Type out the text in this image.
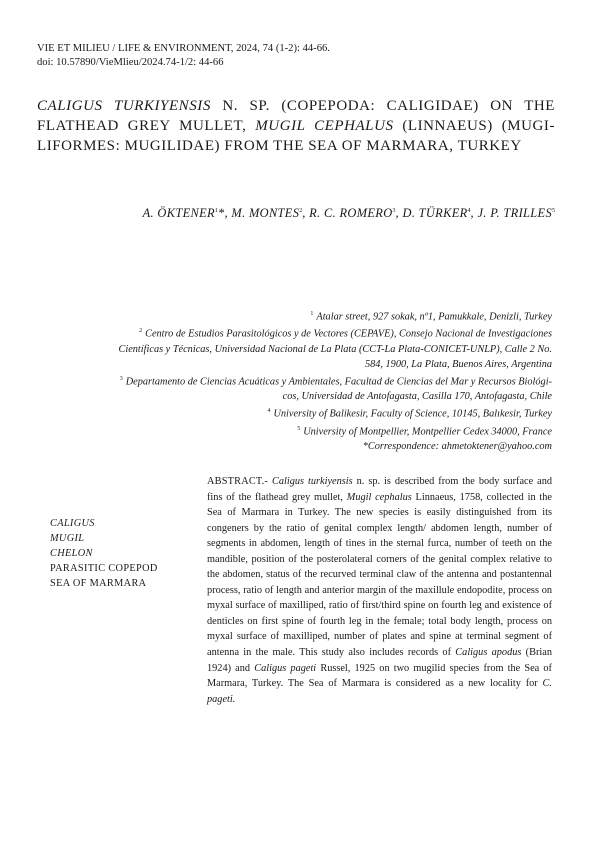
VIE ET MILIEU / LIFE & ENVIRONMENT, 2024, 74 (1-2): 44-66.
doi: 10.57890/VieMlieu/2024.74-1/2: 44-66
CALIGUS TURKIYENSIS N. SP. (COPEPODA: CALIGIDAE) ON THE FLATHEAD GREY MULLET, MUGIL CEPHALUS (LINNAEUS) (MUGI-LIFORMES: MUGILIDAE) FROM THE SEA OF MARMARA, TURKEY
A. ÖKTENER$^1$*, M. MONTES$^2$, R. C. ROMERO$^3$, D. TÜRKER$^4$, J. P. TRILLES$^5$
$^1$ Atalar street, 927 sokak, nº1, Pamukkale, Denizli, Turkey
$^2$ Centro de Estudios Parasitológicos y de Vectores (CEPAVE), Consejo Nacional de Investigaciones
Científicas y Técnicas, Universidad Nacional de La Plata (CCT-La Plata-CONICET-UNLP), Calle 2 No.
584, 1900, La Plata, Buenos Aires, Argentina
$^3$ Departamento de Ciencias Acuáticas y Ambientales, Facultad de Ciencias del Mar y Recursos Biológi-
cos, Universidad de Antofagasta, Casilla 170, Antofagasta, Chile
$^4$ University of Balikesir, Faculty of Science, 10145, Balıkesir, Turkey
$^5$ University of Montpellier, Montpellier Cedex 34000, France
*Correspondence: ahmetoktener@yahoo.com
CALIGUS
MUGIL
CHELON
PARASITIC COPEPOD
SEA OF MARMARA
ABSTRACT.- Caligus turkiyensis n. sp. is described from the body surface and fins of the flathead grey mullet, Mugil cephalus Linnaeus, 1758, collected in the Sea of Marmara in Turkey. The new species is easily distinguished from its congeners by the ratio of genital complex length/ abdomen length, number of segments in abdomen, length of tines in the sternal furca, number of teeth on the mandible, position of the posterolateral corners of the genital complex relative to the abdomen, status of the recurved terminal claw of the antenna and postantennal process, ratio of length and anterior margin of the maxillule endopodite, process on myxal surface of maxilliped, ratio of first/third spine on fourth leg and existence of denticles on first spine of fourth leg in the female; total body length, process on myxal surface of maxilliped, number of plates and spine at terminal segment of antenna in the male. This study also includes records of Caligus apodus (Brian 1924) and Caligus pageti Russel, 1925 on two mugilid species from the Sea of Marmara, Turkey. The Sea of Marmara is considered as a new locality for C. pageti.
